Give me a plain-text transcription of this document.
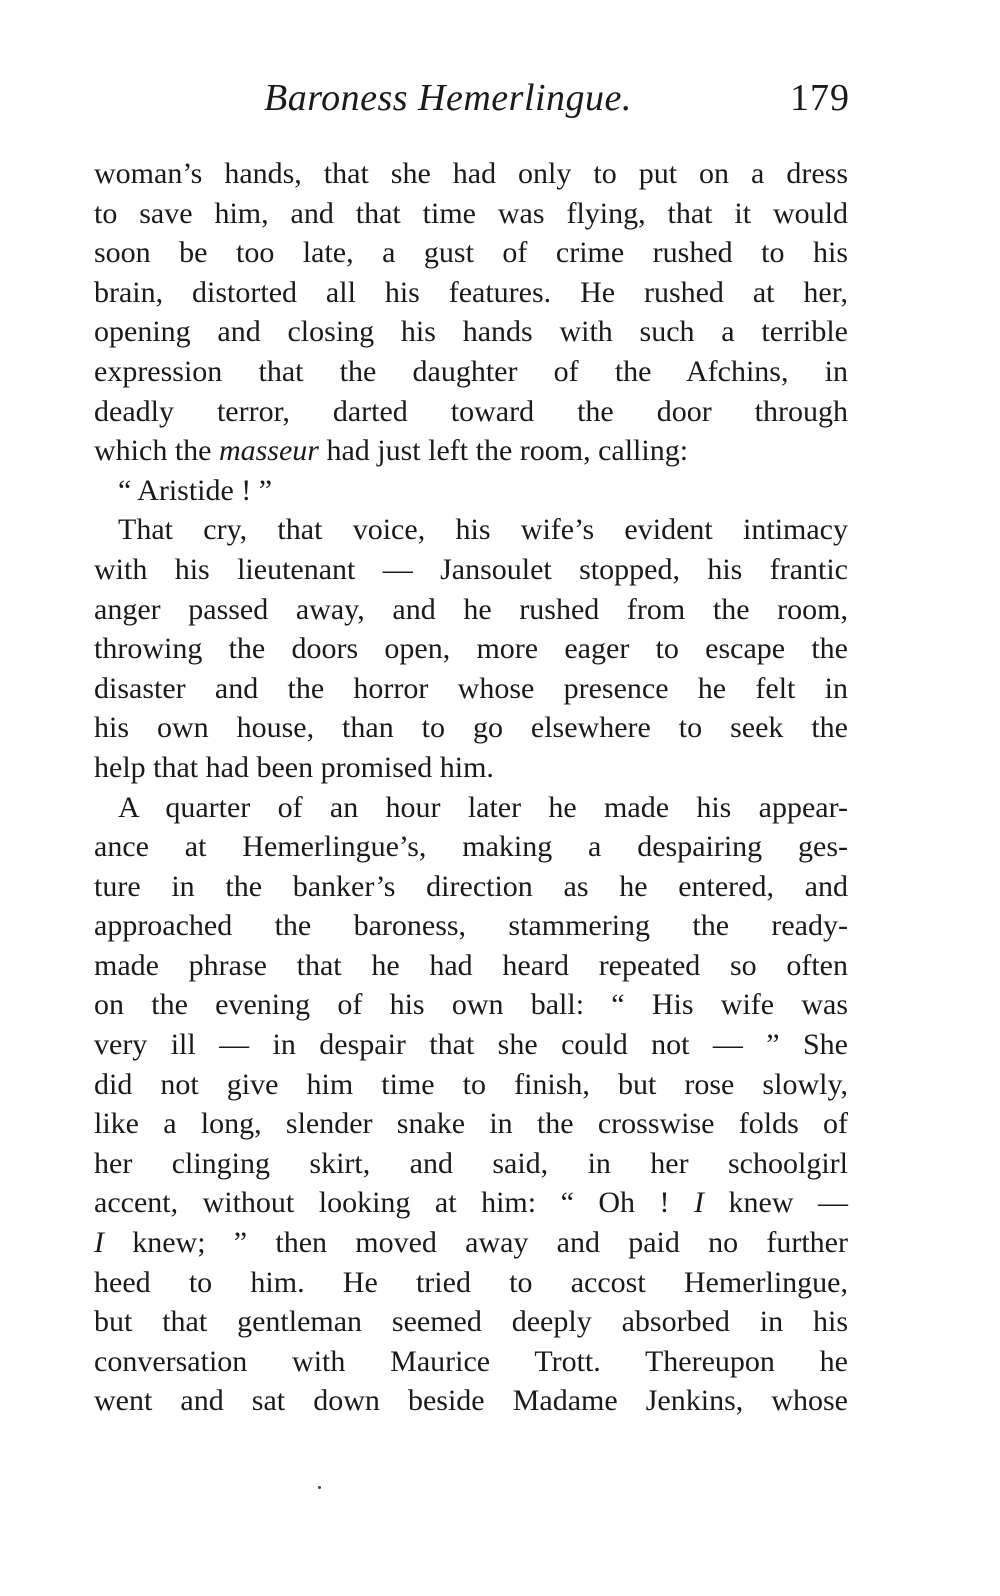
Baroness Hemerlingue.	179
woman’s hands, that she had only to put on a dress
to save him, and that time was flying, that it would
soon be too late, a gust of crime rushed to his
brain, distorted all his features. He rushed at her,
opening and closing his hands with such a terrible
expression that the daughter of the Afchins, in
deadly terror, darted toward the door through
which the masseur had just left the room, calling:
“ Aristide ! ”
That cry, that voice, his wife’s evident intimacy
with his lieutenant — Jansoulet stopped, his frantic
anger passed away, and he rushed from the room,
throwing the doors open, more eager to escape the
disaster and the horror whose presence he felt in
his own house, than to go elsewhere to seek the
help that had been promised him.
A quarter of an hour later he made his appear-
ance at Hemerlingue’s, making a despairing ges-
ture in the banker’s direction as he entered, and
approached the baroness, stammering the ready-
made phrase that he had heard repeated so often
on the evening of his own ball: “ His wife was
very ill — in despair that she could not — ” She
did not give him time to finish, but rose slowly,
like a long, slender snake in the crosswise folds of
her clinging skirt, and said, in her schoolgirl
accent, without looking at him: “ Oh ! I knew —
I knew; ” then moved away and paid no further
heed to him. He tried to accost Hemerlingue,
but that gentleman seemed deeply absorbed in his
conversation with Maurice Trott. Thereupon he
went and sat down beside Madame Jenkins, whose
